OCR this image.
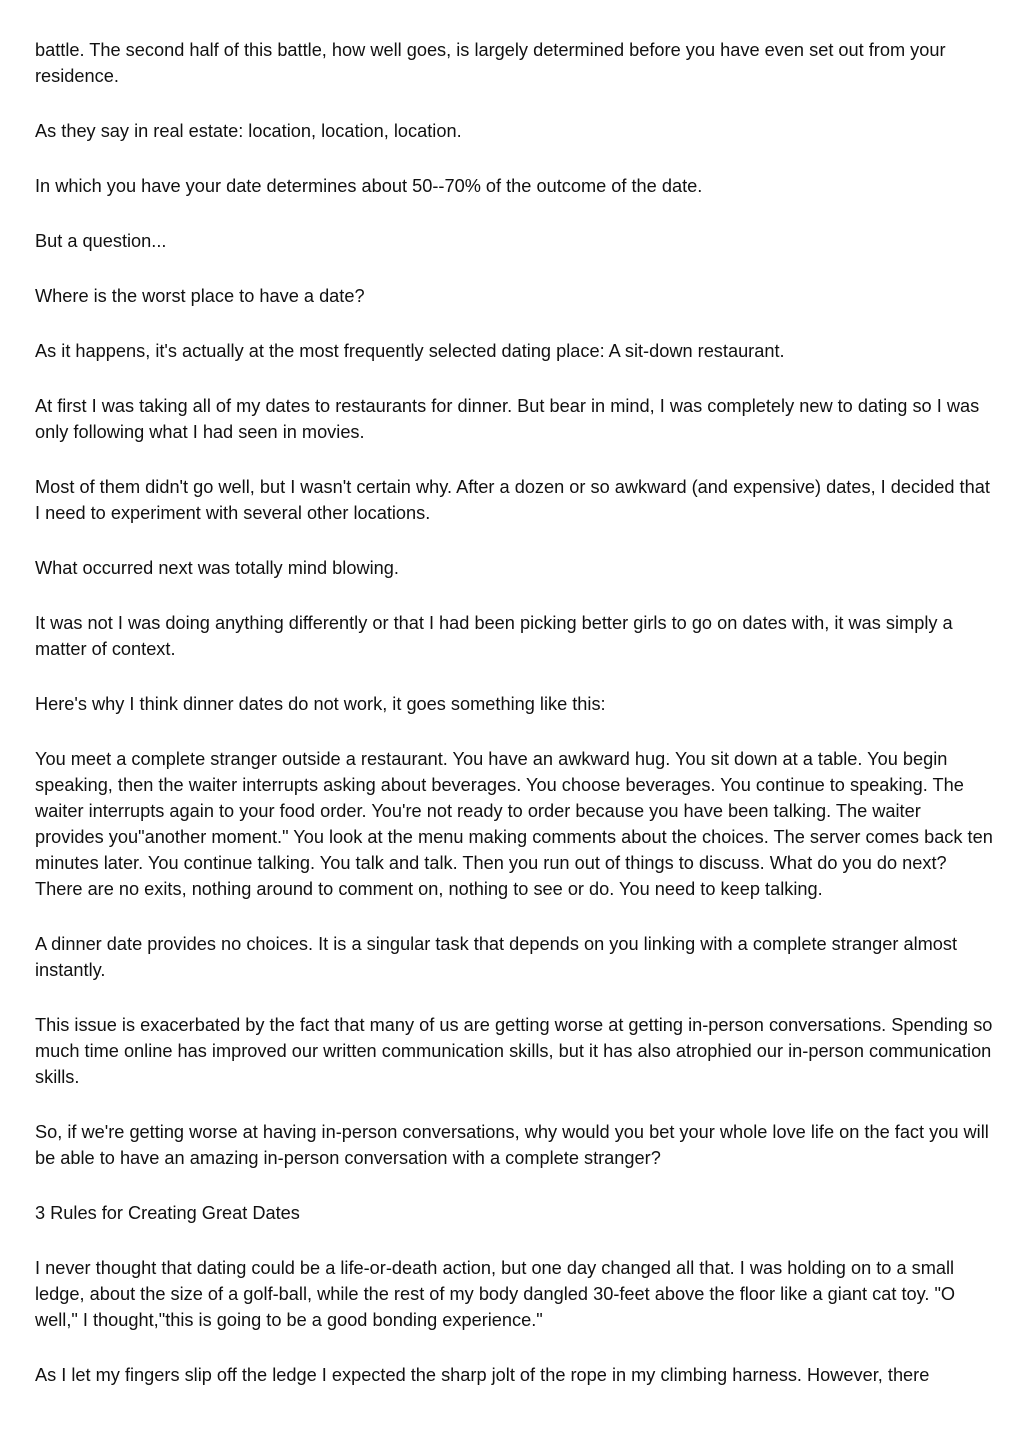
battle. The second half of this battle, how well goes, is largely determined before you have even set out from your residence.

As they say in real estate: location, location, location.

In which you have your date determines about 50--70% of the outcome of the date.

But a question...

Where is the worst place to have a date?

As it happens, it's actually at the most frequently selected dating place: A sit-down restaurant.

At first I was taking all of my dates to restaurants for dinner. But bear in mind, I was completely new to dating so I was only following what I had seen in movies.

Most of them didn't go well, but I wasn't certain why. After a dozen or so awkward (and expensive) dates, I decided that I need to experiment with several other locations.

What occurred next was totally mind blowing.

It was not I was doing anything differently or that I had been picking better girls to go on dates with, it was simply a matter of context.

Here's why I think dinner dates do not work, it goes something like this:

You meet a complete stranger outside a restaurant. You have an awkward hug. You sit down at a table. You begin speaking, then the waiter interrupts asking about beverages. You choose beverages. You continue to speaking. The waiter interrupts again to your food order. You're not ready to order because you have been talking. The waiter provides you"another moment." You look at the menu making comments about the choices. The server comes back ten minutes later. You continue talking. You talk and talk. Then you run out of things to discuss. What do you do next? There are no exits, nothing around to comment on, nothing to see or do. You need to keep talking.

A dinner date provides no choices. It is a singular task that depends on you linking with a complete stranger almost instantly.

This issue is exacerbated by the fact that many of us are getting worse at getting in-person conversations. Spending so much time online has improved our written communication skills, but it has also atrophied our in-person communication skills.

So, if we're getting worse at having in-person conversations, why would you bet your whole love life on the fact you will be able to have an amazing in-person conversation with a complete stranger?

3 Rules for Creating Great Dates

I never thought that dating could be a life-or-death action, but one day changed all that. I was holding on to a small ledge, about the size of a golf-ball, while the rest of my body dangled 30-feet above the floor like a giant cat toy. "O well," I thought,"this is going to be a good bonding experience."

As I let my fingers slip off the ledge I expected the sharp jolt of the rope in my climbing harness. However, there
